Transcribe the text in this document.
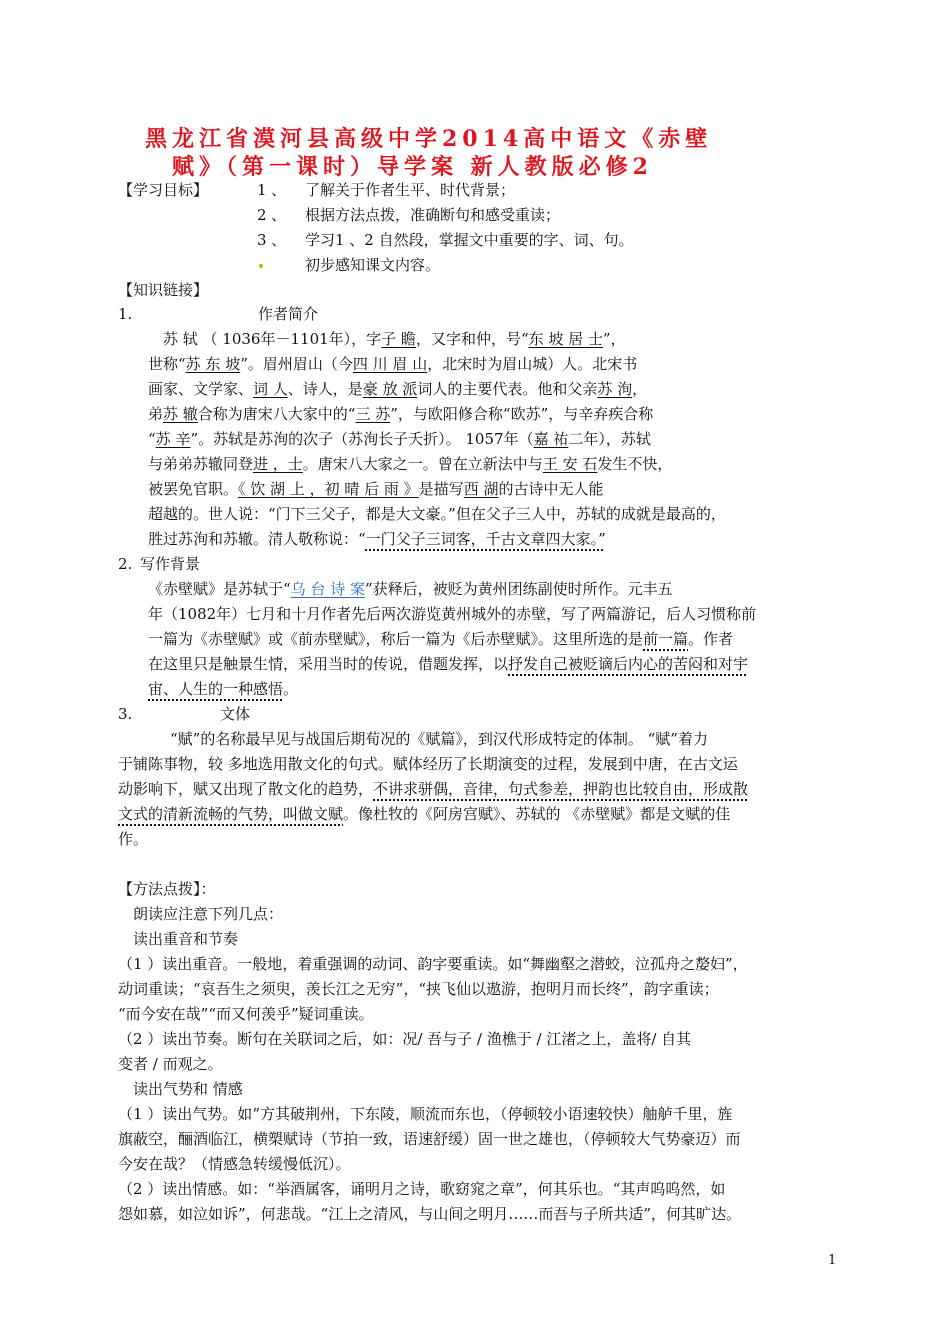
黑龙江省漠河县高级中学2014高中语文《赤壁
赋》（第一课时）导学案 新人教版必修2
【学习目标】	1 、 了解关于作者生平、时代背景；
2 、 根据方法点拨，准确断句和感受重读；
3 、 学习1 、2 自然段，掌握文中重要的字、词、句。
初步感知课文内容。
【知识链接】
1.	作者简介
苏 轼 （ 1036年－1101年），字子 瞻，又字和仲，号“东 坡 居 士”，
世称“苏 东 坡”。眉州眉山（今四 川 眉 山，北宋时为眉山城）人。北宋书
画家、文学家、词 人、诗人，是豪 放 派词人的主要代表。他和父亲苏 洵，
弟苏 辙合称为唐宋八大家中的“三 苏”，与欧阳修合称“欧苏”，与辛弃疾合称
“苏 辛”。苏轼是苏洵的次子（苏洵长子夭折）。 1057年（嘉 祐二年），苏轼
与弟弟苏辙同登进 ，士。唐宋八大家之一。曾在立新法中与王 安 石发生不快，
被罢免官职。《 饮 湖 上 ，初 晴 后 雨 》是描写西 湖的古诗中无人能
超越的。世人说：“门下三父子，都是大文豪。”但在父子三人中，苏轼的成就是最高的，
胜过苏洵和苏辙。清人敬称说：“一门父子三词客，千古文章四大家。”
2. 写作背景
《赤壁赋》是苏轼于“乌 台 诗 案”获释后，被贬为黄州团练副使时所作。元丰五
年（1082年）七月和十月作者先后两次游览黄州城外的赤壁，写了两篇游记，后人习惯称前
一篇为《赤壁赋》或《前赤壁赋》，称后一篇为《后赤壁赋》。这里所选的是前一篇。作者
在这里只是触景生情，采用当时的传说，借题发挥，以抒发自己被贬谪后内心的苦闷和对宇
宙、人生的一种感悟。
3.	文体
“赋”的名称最早见与战国后期荀况的《赋篇》，到汉代形成特定的体制。 “赋”着力
于铺陈事物，较 多地选用散文化的句式。赋体经历了长期演变的过程，发展到中唐，在古文运
动影响下，赋又出现了散文化的趋势，不讲求骈偶，音律，句式参差，押韵也比较自由，形成散
文式的清新流畅的气势，叫做文赋。像杜牧的《阿房宫赋》、苏轼的 《赤壁赋》都是文赋的佳
作。
【方法点拨】：
朗读应注意下列几点：
读出重音和节奏
（1 ）读出重音。一般地，着重强调的动词、韵字要重读。如“舞幽壑之潜蛟，泣孤舟之嫠妇”，
动词重读；“哀吾生之须臾，羡长江之无穷”，“挟飞仙以遨游，抱明月而长终”，韵字重读；
“而今安在哉”“而又何羡乎”疑词重读。
（2 ）读出节奏。断句在关联词之后，如：况/ 吾与子 / 渔樵于 / 江渚之上，盖将/ 自其
变者 / 而观之。
读出气势和 情感
（1 ）读出气势。如“方其破荆州，下东陵，顺流而东也，（停顿较小语速较快）舳舻千里，旌
旗蔽空，酾酒临江，横槊赋诗（节拍一致，语速舒缓）固一世之雄也，（停顿较大气势豪迈）而
今安在哉？（情感急转缓慢低沉）。
（2 ）读出情感。如：“举酒属客，诵明月之诗，歌窈窕之章”，何其乐也。“其声呜呜然，如
怨如慕，如泣如诉”，何悲哉。“江上之清风，与山间之明月……而吾与子所共适”，何其旷达。
1
